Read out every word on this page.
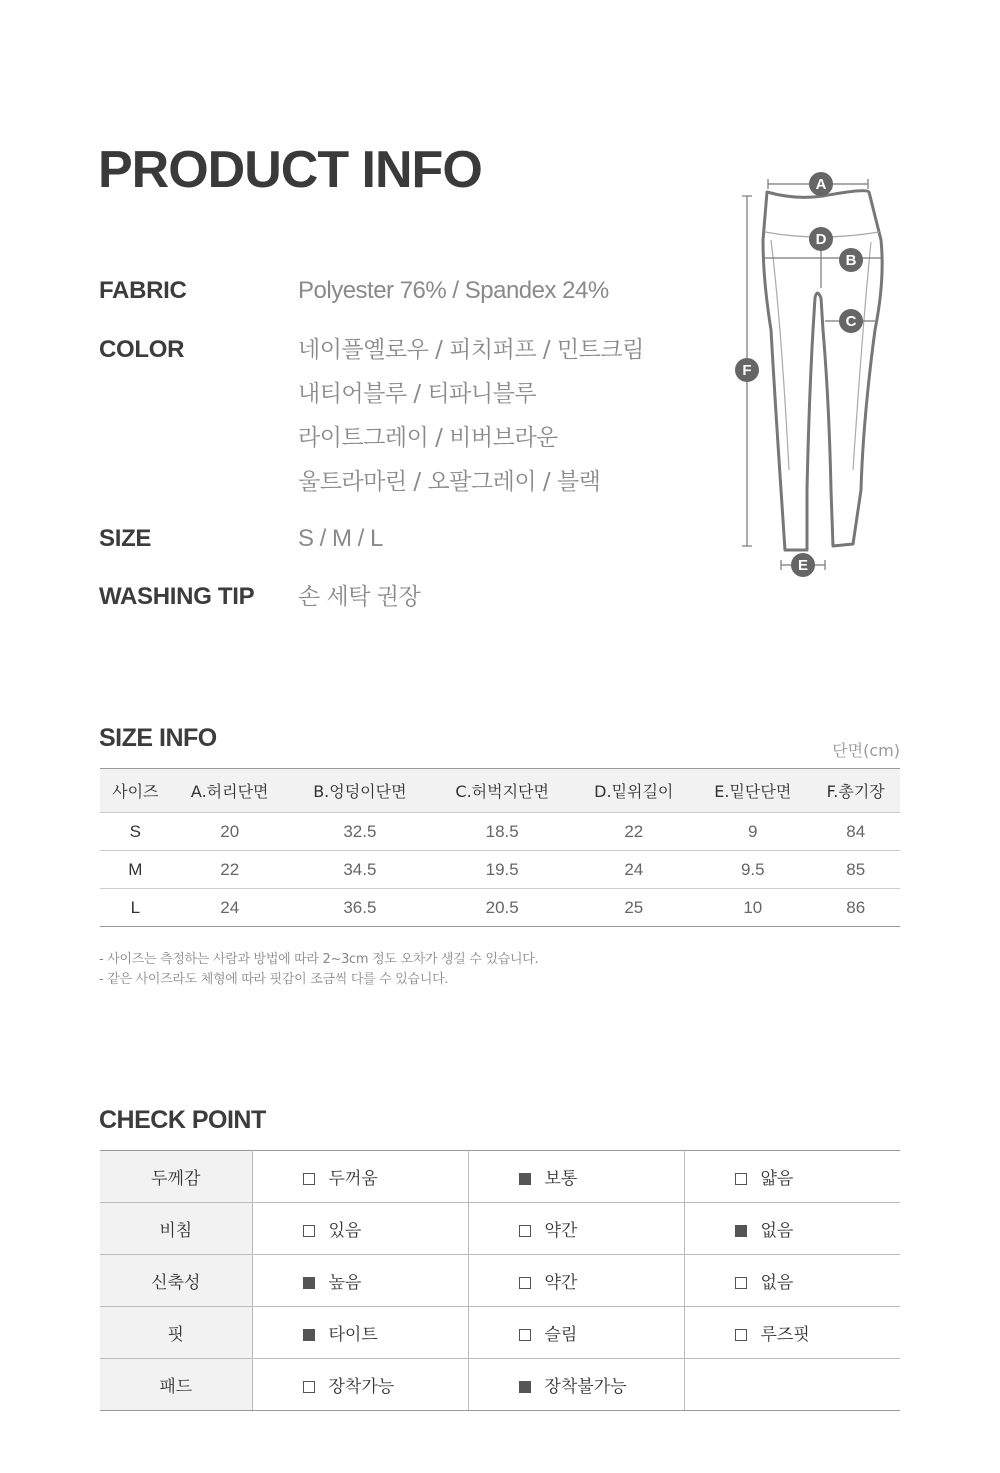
PRODUCT INFO
FABRIC	Polyester 76% / Spandex 24%
COLOR	네이플옐로우 / 피치퍼프 / 민트크림
내티어블루 / 티파니블루
라이트그레이 / 비버브라운
울트라마린 / 오팔그레이 / 블랙
SIZE	S / M / L
WASHING TIP	손 세탁 권장
A
D
B
C
F
E
SIZE INFO	단면(cm)
사이즈	A.허리단면	B.엉덩이단면	C.허벅지단면	D.밑위길이	E.밑단단면	F.총기장
S	20	32.5	18.5	22	9	84
M	22	34.5	19.5	24	9.5	85
L	24	36.5	20.5	25	10	86
- 사이즈는 측정하는 사람과 방법에 따라 2~3cm 정도 오차가 생길 수 있습니다.
- 같은 사이즈라도 체형에 따라 핏감이 조금씩 다를 수 있습니다.
CHECK POINT
두께감	두꺼움	보통	얇음
비침	있음	약간	없음
신축성	높음	약간	없음
핏	타이트	슬림	루즈핏
패드	장착가능	장착불가능	
